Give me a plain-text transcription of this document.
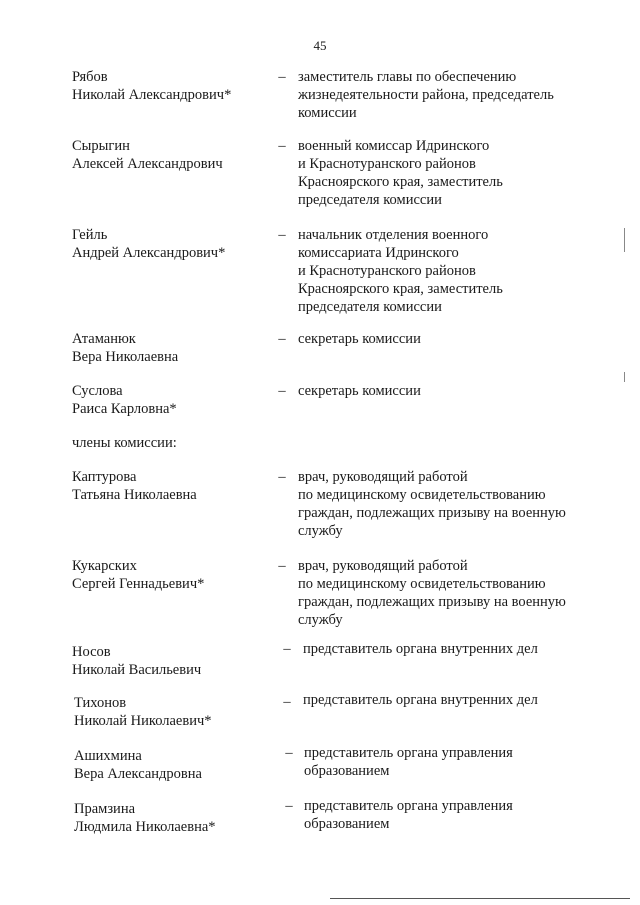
45
Рябов
Николай Александрович*
– заместитель главы по обеспечению
жизнедеятельности района, председатель
комиссии
Сырыгин
Алексей Александрович
– военный комиссар Идринского
и Краснотуранского районов
Красноярского края, заместитель
председателя комиссии
Гейль
Андрей Александрович*
– начальник отделения военного
комиссариата Идринского
и Краснотуранского районов
Красноярского края, заместитель
председателя комиссии
Атаманюк
Вера Николаевна
– секретарь комиссии
Суслова
Раиса Карловна*
– секретарь комиссии
члены комиссии:
Каптурова
Татьяна Николаевна
– врач, руководящий работой
по медицинскому освидетельствованию
граждан, подлежащих призыву на военную
службу
Кукарских
Сергей Геннадьевич*
– врач, руководящий работой
по медицинскому освидетельствованию
граждан, подлежащих призыву на военную
службу
Носов
Николай Васильевич
– представитель органа внутренних дел
Тихонов
Николай Николаевич*
– представитель органа внутренних дел
Ашихмина
Вера Александровна
– представитель органа управления
образованием
Прамзина
Людмила Николаевна*
– представитель органа управления
образованием
